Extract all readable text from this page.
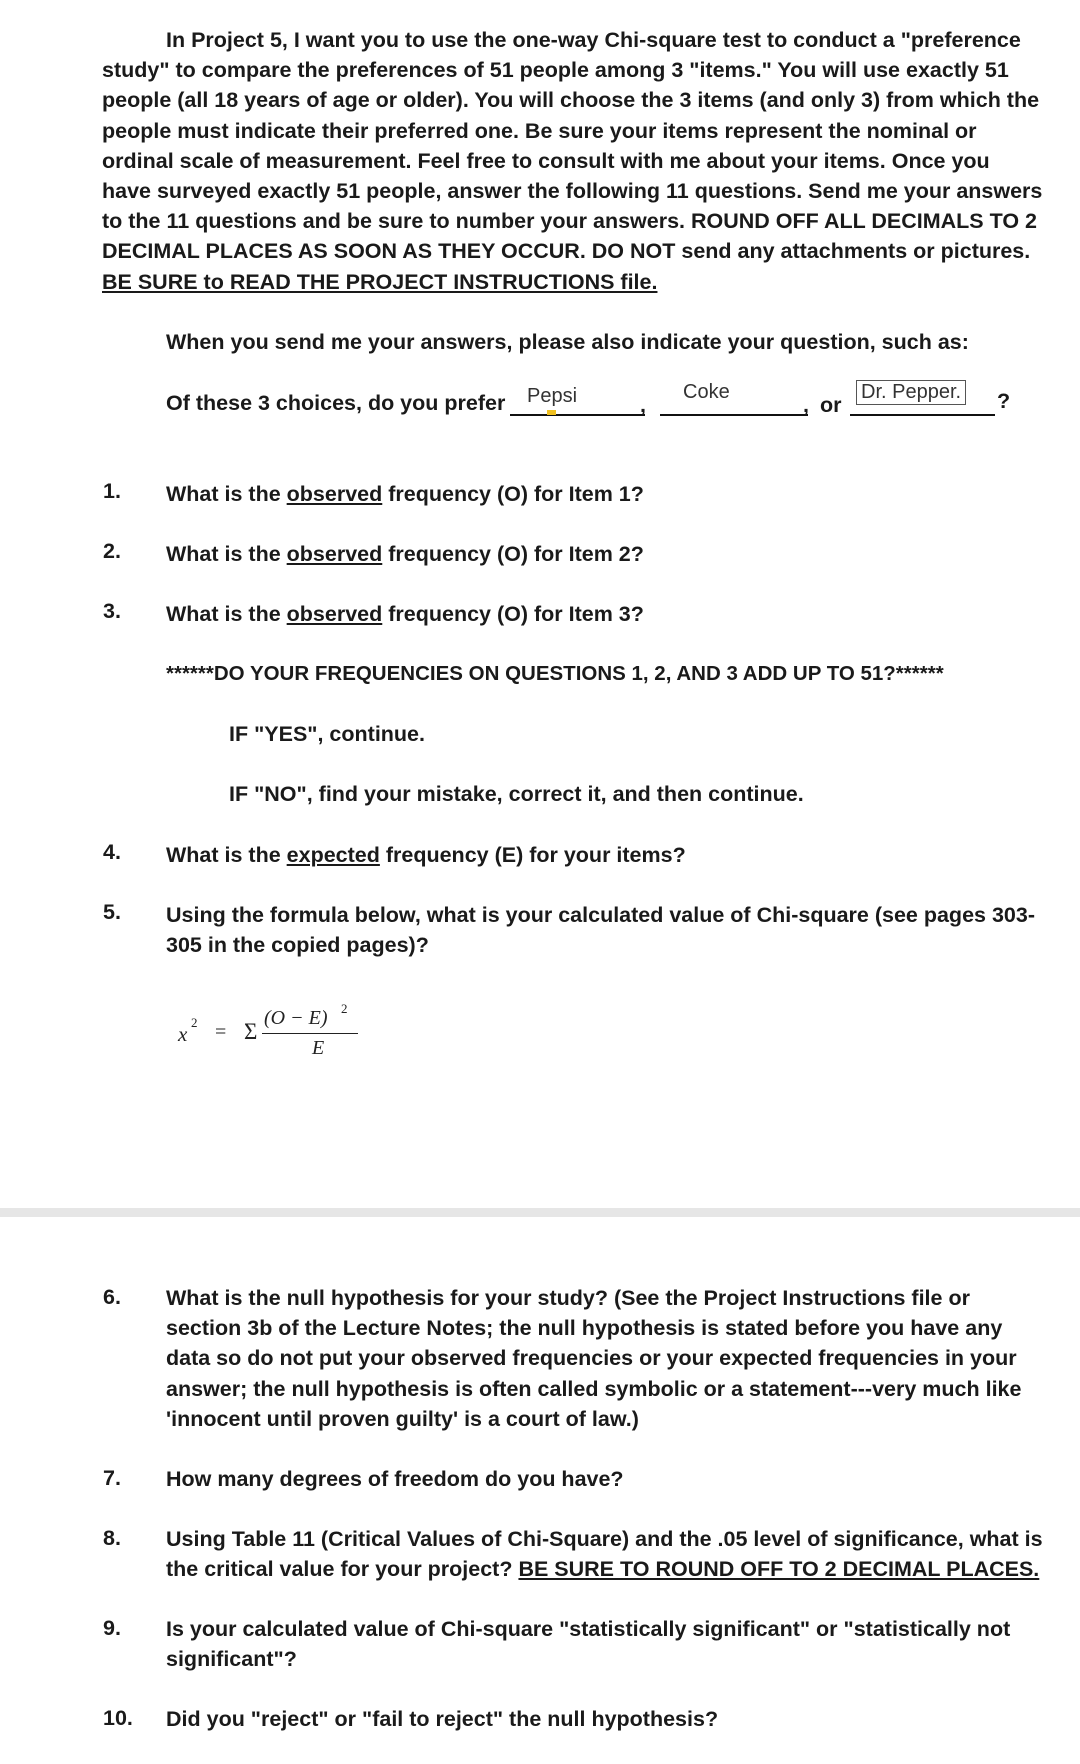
In Project 5, I want you to use the one-way Chi-square test to conduct a "preference study" to compare the preferences of 51 people among 3 "items." You will use exactly 51 people (all 18 years of age or older). You will choose the 3 items (and only 3) from which the people must indicate their preferred one. Be sure your items represent the nominal or ordinal scale of measurement. Feel free to consult with me about your items. Once you have surveyed exactly 51 people, answer the following 11 questions. Send me your answers to the 11 questions and be sure to number your answers. ROUND OFF ALL DECIMALS TO 2 DECIMAL PLACES AS SOON AS THEY OCCUR. DO NOT send any attachments or pictures. BE SURE to READ THE PROJECT INSTRUCTIONS file.

When you send me your answers, please also indicate your question, such as:
Of these 3 choices, do you prefer	,
Pepsi	,
Coke
or
Dr. Pepper. ?
1. What is the observed frequency (O) for Item 1?

2. What is the observed frequency (O) for Item 2?

3. What is the observed frequency (O) for Item 3?

******DO YOUR FREQUENCIES ON QUESTIONS 1, 2, AND 3 ADD UP TO 51?******
IF "YES", continue.
IF "NO", find your mistake, correct it, and then continue.
4. What is the expected frequency (E) for your items?

5. Using the formula below, what is your calculated value of Chi-square (see pages 303-305 in the copied pages)?

x 2 = Σ
(O − E) 2
E
6. What is the null hypothesis for your study? (See the Project Instructions file or section 3b of the Lecture Notes; the null hypothesis is stated before you have any data so do not put your observed frequencies or your expected frequencies in your answer; the null hypothesis is often called symbolic or a statement---very much like 'innocent until proven guilty' is a court of law.)

7. How many degrees of freedom do you have?

8. Using Table 11 (Critical Values of Chi-Square) and the .05 level of significance, what is the critical value for your project? BE SURE TO ROUND OFF TO 2 DECIMAL PLACES.

9. Is your calculated value of Chi-square "statistically significant" or "statistically not significant"?

10. Did you "reject" or "fail to reject" the null hypothesis?
